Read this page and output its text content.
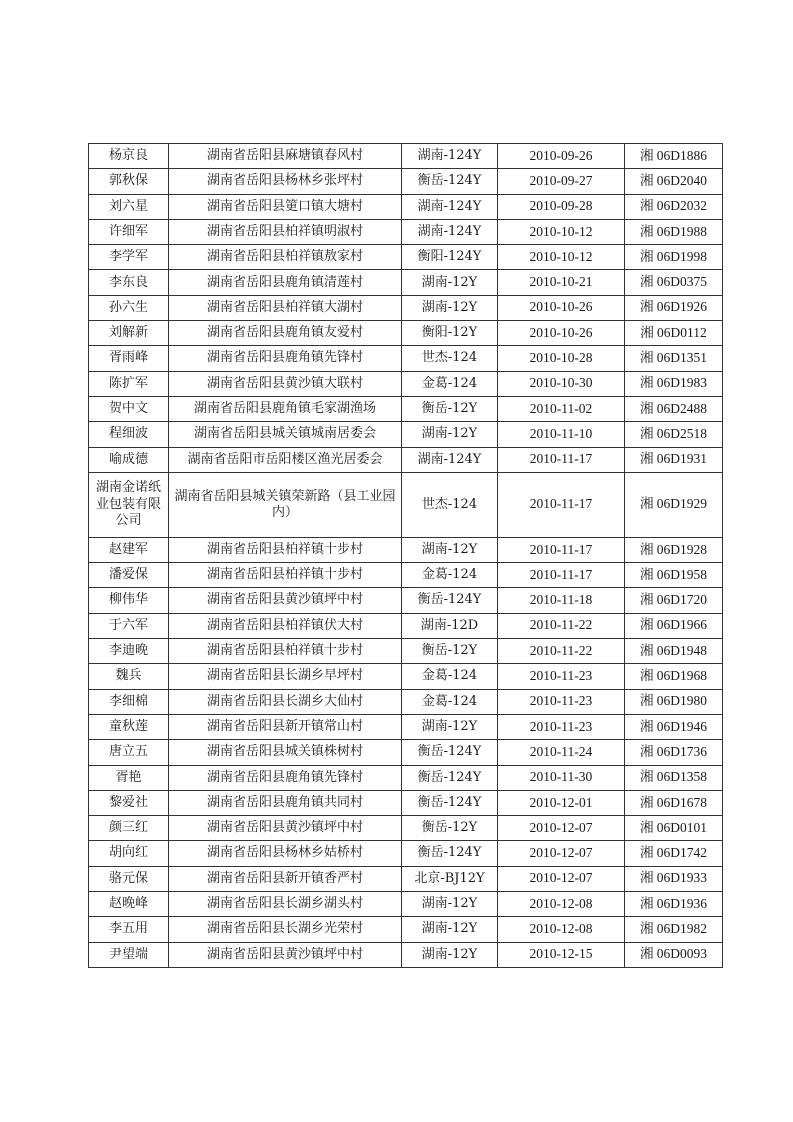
杨京良	湖南省岳阳县麻塘镇春风村	湖南-124Y	2010-09-26	湘 06D1886
郭秋保	湖南省岳阳县杨林乡张坪村	衡岳-124Y	2010-09-27	湘 06D2040
刘六星	湖南省岳阳县筻口镇大塘村	湖南-124Y	2010-09-28	湘 06D2032
许细军	湖南省岳阳县柏祥镇明淑村	湖南-124Y	2010-10-12	湘 06D1988
李学军	湖南省岳阳县柏祥镇敖家村	衡阳-124Y	2010-10-12	湘 06D1998
李东良	湖南省岳阳县鹿角镇清莲村	湖南-12Y	2010-10-21	湘 06D0375
孙六生	湖南省岳阳县柏祥镇大湖村	湖南-12Y	2010-10-26	湘 06D1926
刘解新	湖南省岳阳县鹿角镇友爱村	衡阳-12Y	2010-10-26	湘 06D0112
胥雨峰	湖南省岳阳县鹿角镇先锋村	世杰-124	2010-10-28	湘 06D1351
陈扩军	湖南省岳阳县黄沙镇大联村	金葛-124	2010-10-30	湘 06D1983
贺中文	湖南省岳阳县鹿角镇毛家湖渔场	衡岳-12Y	2010-11-02	湘 06D2488
程细波	湖南省岳阳县城关镇城南居委会	湖南-12Y	2010-11-10	湘 06D2518
喻成德	湖南省岳阳市岳阳楼区渔光居委会	湖南-124Y	2010-11-17	湘 06D1931
湖南金诺纸业包装有限公司	湖南省岳阳县城关镇荣新路（县工业园内）	世杰-124	2010-11-17	湘 06D1929
赵建军	湖南省岳阳县柏祥镇十步村	湖南-12Y	2010-11-17	湘 06D1928
潘爱保	湖南省岳阳县柏祥镇十步村	金葛-124	2010-11-17	湘 06D1958
柳伟华	湖南省岳阳县黄沙镇坪中村	衡岳-124Y	2010-11-18	湘 06D1720
于六军	湖南省岳阳县柏祥镇伏大村	湖南-12D	2010-11-22	湘 06D1966
李迪晚	湖南省岳阳县柏祥镇十步村	衡岳-12Y	2010-11-22	湘 06D1948
魏兵	湖南省岳阳县长湖乡早坪村	金葛-124	2010-11-23	湘 06D1968
李细棉	湖南省岳阳县长湖乡大仙村	金葛-124	2010-11-23	湘 06D1980
童秋莲	湖南省岳阳县新开镇常山村	湖南-12Y	2010-11-23	湘 06D1946
唐立五	湖南省岳阳县城关镇株树村	衡岳-124Y	2010-11-24	湘 06D1736
胥艳	湖南省岳阳县鹿角镇先锋村	衡岳-124Y	2010-11-30	湘 06D1358
黎爱社	湖南省岳阳县鹿角镇共同村	衡岳-124Y	2010-12-01	湘 06D1678
颜三红	湖南省岳阳县黄沙镇坪中村	衡岳-12Y	2010-12-07	湘 06D0101
胡向红	湖南省岳阳县杨林乡姑桥村	衡岳-124Y	2010-12-07	湘 06D1742
骆元保	湖南省岳阳县新开镇香严村	北京-BJ12Y	2010-12-07	湘 06D1933
赵晚峰	湖南省岳阳县长湖乡湖头村	湖南-12Y	2010-12-08	湘 06D1936
李五用	湖南省岳阳县长湖乡光荣村	湖南-12Y	2010-12-08	湘 06D1982
尹望端	湖南省岳阳县黄沙镇坪中村	湖南-12Y	2010-12-15	湘 06D0093
